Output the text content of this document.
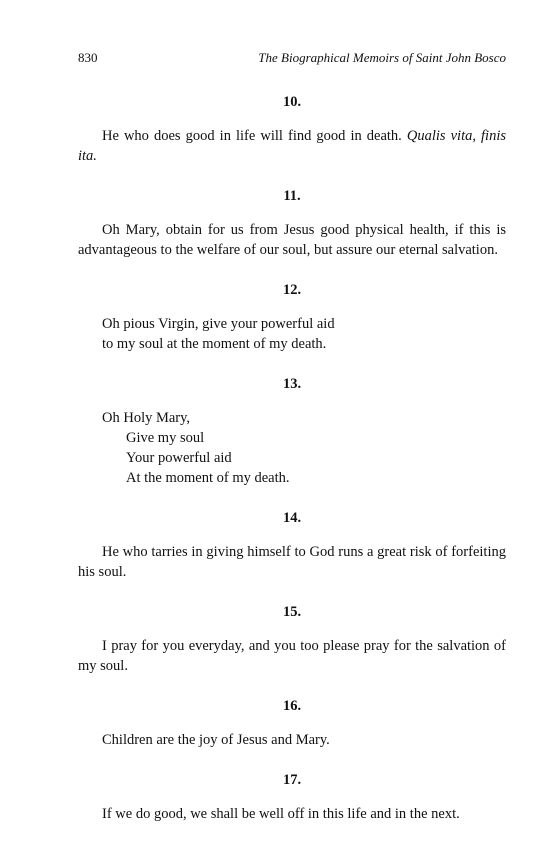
830	The Biographical Memoirs of Saint John Bosco

10.

He who does good in life will find good in death. Qualis vita, finis ita.

11.

Oh Mary, obtain for us from Jesus good physical health, if this is advantageous to the welfare of our soul, but assure our eternal salvation.

12.

Oh pious Virgin, give your powerful aid
to my soul at the moment of my death.

13.

Oh Holy Mary,
Give my soul
Your powerful aid
At the moment of my death.

14.

He who tarries in giving himself to God runs a great risk of forfeiting his soul.

15.

I pray for you everyday, and you too please pray for the salvation of my soul.

16.

Children are the joy of Jesus and Mary.

17.

If we do good, we shall be well off in this life and in the next.
